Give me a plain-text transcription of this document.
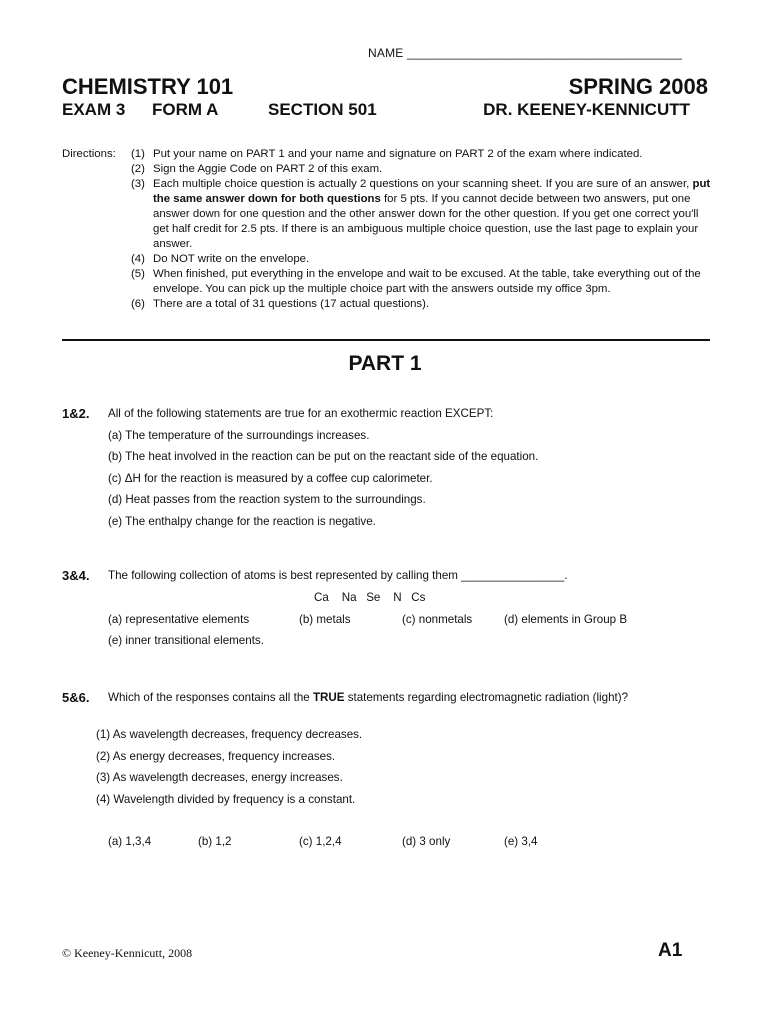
NAME ________________________________________
CHEMISTRY 101	SPRING 2008
EXAM 3 FORM A	SECTION 501	DR. KEENEY-KENNICUTT
Directions: (1) Put your name on PART 1 and your name and signature on PART 2 of the exam where indicated.
(2) Sign the Aggie Code on PART 2 of this exam.
(3) Each multiple choice question is actually 2 questions on your scanning sheet. If you are sure of an answer, put the same answer down for both questions for 5 pts. If you cannot decide between two answers, put one answer down for one question and the other answer down for the other question. If you get one correct you'll get half credit for 2.5 pts. If there is an ambiguous multiple choice question, use the last page to explain your answer.
(4) Do NOT write on the envelope.
(5) When finished, put everything in the envelope and wait to be excused. At the table, take everything out of the envelope. You can pick up the multiple choice part with the answers outside my office 3pm.
(6) There are a total of 31 questions (17 actual questions).
PART 1
1&2. All of the following statements are true for an exothermic reaction EXCEPT:
(a) The temperature of the surroundings increases.
(b) The heat involved in the reaction can be put on the reactant side of the equation.
(c) ΔH for the reaction is measured by a coffee cup calorimeter.
(d) Heat passes from the reaction system to the surroundings.
(e) The enthalpy change for the reaction is negative.
3&4. The following collection of atoms is best represented by calling them ________________.
Ca    Na   Se    N   Cs
(a) representative elements	(b) metals	(c) nonmetals	(d) elements in Group B
(e) inner transitional elements.
5&6. Which of the responses contains all the TRUE statements regarding electromagnetic radiation (light)?
(1) As wavelength decreases, frequency decreases.
(2) As energy decreases, frequency increases.
(3) As wavelength decreases, energy increases.
(4) Wavelength divided by frequency is a constant.
(a) 1,3,4	(b) 1,2	(c) 1,2,4	(d) 3 only	(e) 3,4
© Keeney-Kennicutt, 2008	A1
